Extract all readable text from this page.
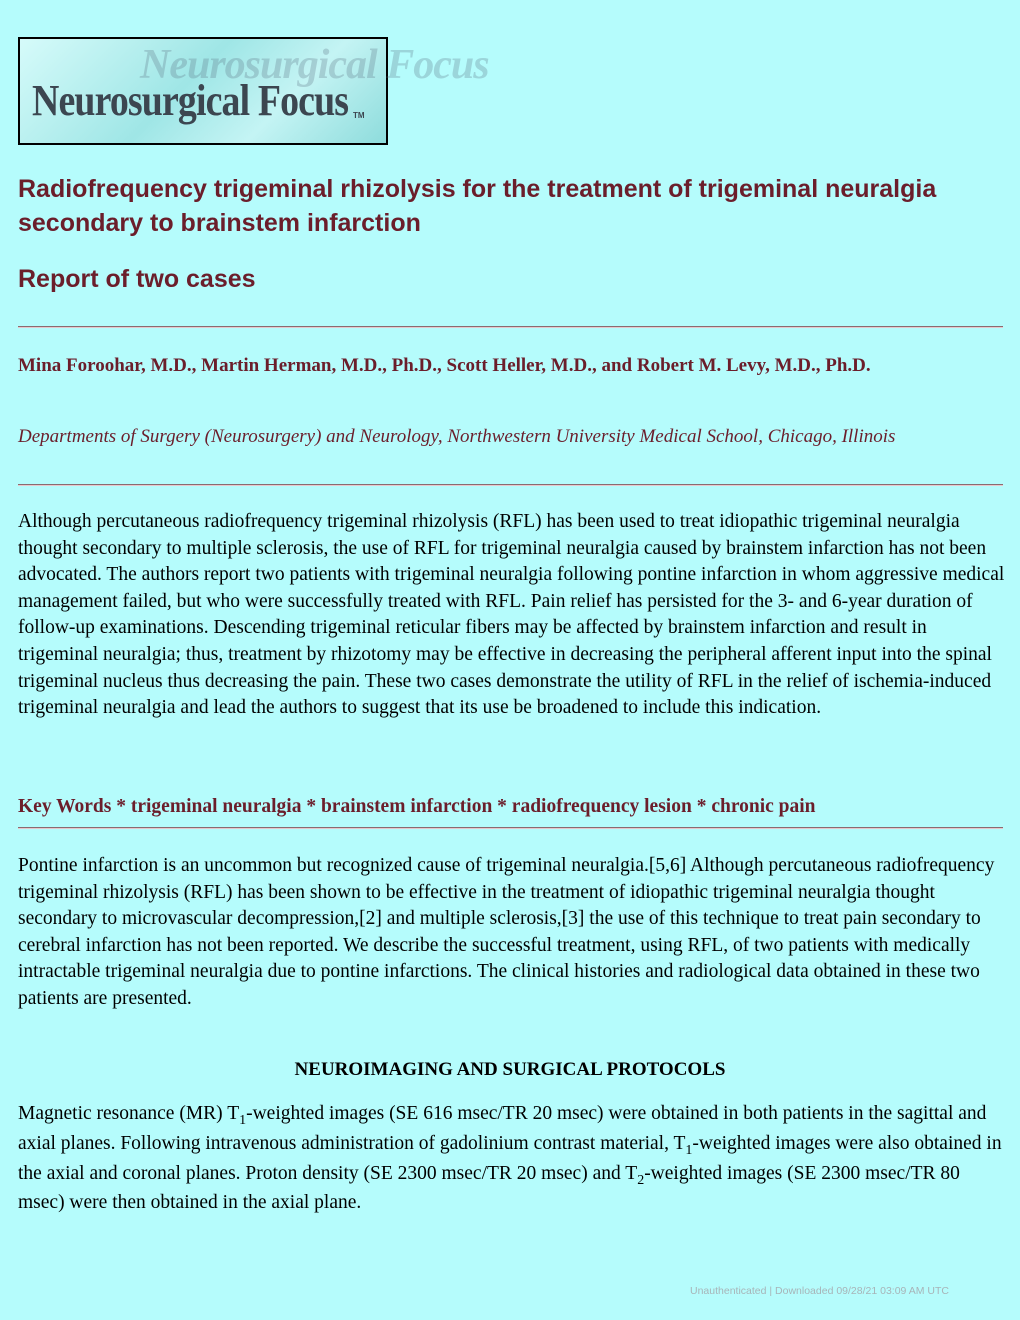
Neurosurgical Focus
Neurosurgical Focus TM
Radiofrequency trigeminal rhizolysis for the treatment of trigeminal neuralgia secondary to brainstem infarction

Report of two cases

Mina Foroohar, M.D., Martin Herman, M.D., Ph.D., Scott Heller, M.D., and Robert M. Levy, M.D., Ph.D.

Departments of Surgery (Neurosurgery) and Neurology, Northwestern University Medical School, Chicago, Illinois

Although percutaneous radiofrequency trigeminal rhizolysis (RFL) has been used to treat idiopathic trigeminal neuralgia thought secondary to multiple sclerosis, the use of RFL for trigeminal neuralgia caused by brainstem infarction has not been advocated. The authors report two patients with trigeminal neuralgia following pontine infarction in whom aggressive medical management failed, but who were successfully treated with RFL. Pain relief has persisted for the 3- and 6-year duration of follow-up examinations. Descending trigeminal reticular fibers may be affected by brainstem infarction and result in trigeminal neuralgia; thus, treatment by rhizotomy may be effective in decreasing the peripheral afferent input into the spinal trigeminal nucleus thus decreasing the pain. These two cases demonstrate the utility of RFL in the relief of ischemia-induced trigeminal neuralgia and lead the authors to suggest that its use be broadened to include this indication.

Key Words * trigeminal neuralgia * brainstem infarction * radiofrequency lesion * chronic pain

Pontine infarction is an uncommon but recognized cause of trigeminal neuralgia.[5,6] Although percutaneous radiofrequency trigeminal rhizolysis (RFL) has been shown to be effective in the treatment of idiopathic trigeminal neuralgia thought secondary to microvascular decompression,[2] and multiple sclerosis,[3] the use of this technique to treat pain secondary to cerebral infarction has not been reported. We describe the successful treatment, using RFL, of two patients with medically intractable trigeminal neuralgia due to pontine infarctions. The clinical histories and radiological data obtained in these two patients are presented.

NEUROIMAGING AND SURGICAL PROTOCOLS

Magnetic resonance (MR) $T_1$-weighted images (SE 616 msec/TR 20 msec) were obtained in both patients in the sagittal and axial planes. Following intravenous administration of gadolinium contrast material, $T_1$-weighted images were also obtained in the axial and coronal planes. Proton density (SE 2300 msec/TR 20 msec) and $T_2$-weighted images (SE 2300 msec/TR 80 msec) were then obtained in the axial plane.

Unauthenticated | Downloaded 09/28/21 03:09 AM UTC
